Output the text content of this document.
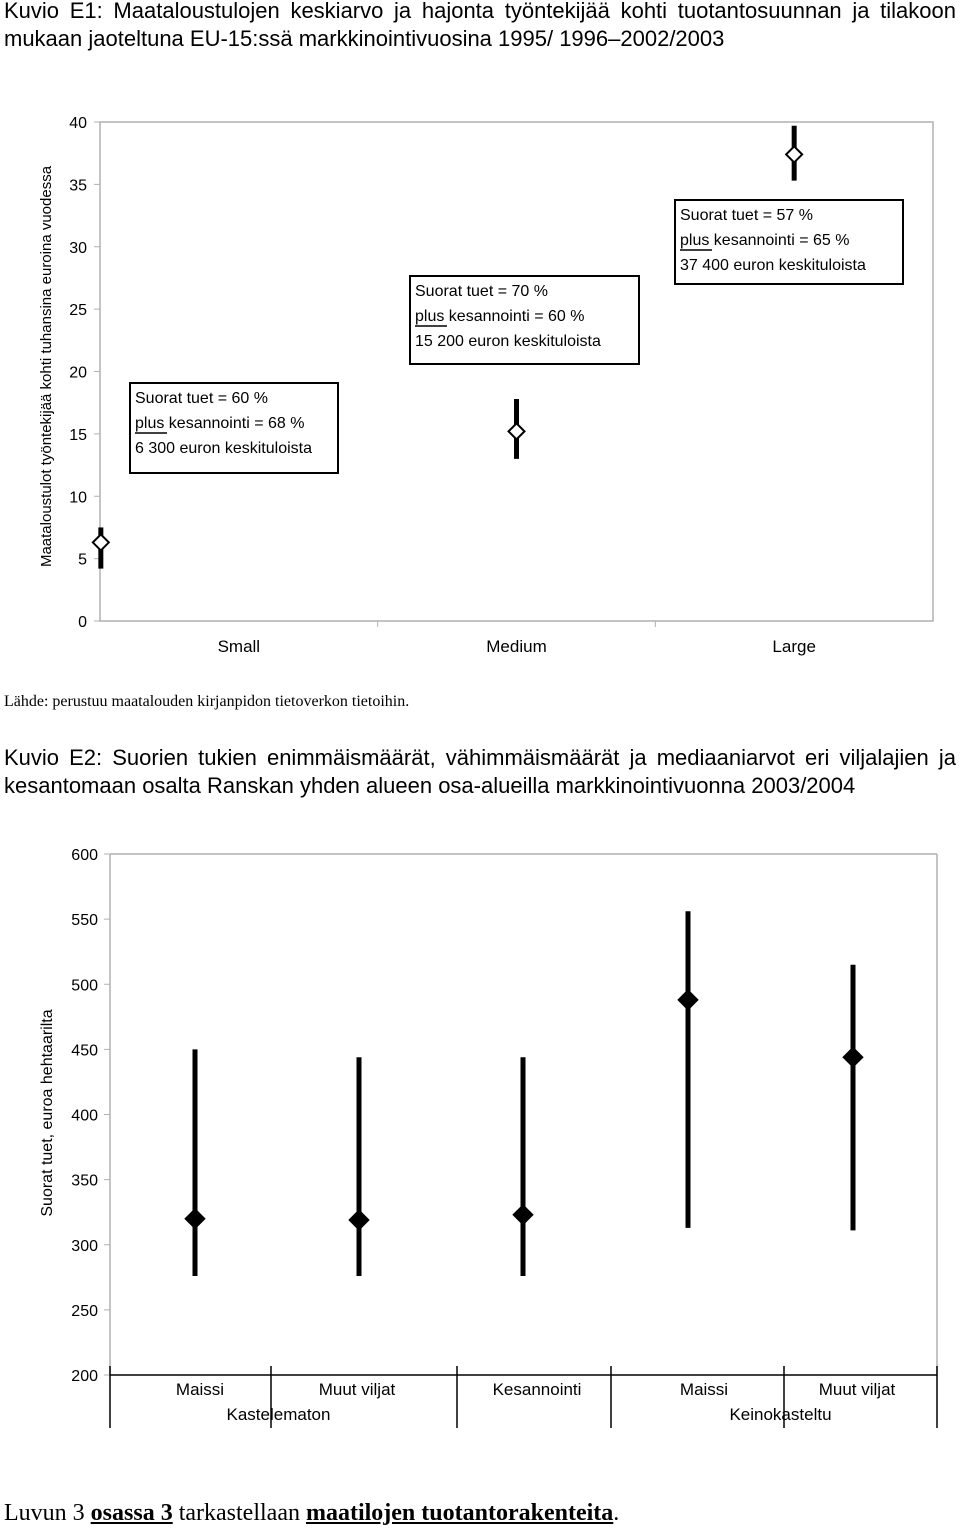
Kuvio E1: Maataloustulojen keskiarvo ja hajonta työntekijää kohti tuotantosuunnan ja tilakoon mukaan jaoteltuna EU-15:ssä markkinointivuosina 1995/ 1996–2002/2003

0
5
10
15
20
25
30
35
40
Small	Medium	Large
Maataloustulot työntekijää kohti tuhansina euroina vuodessa	Suorat tuet = 60 %
plus kesannointi = 68 %
6 300 euron keskituloista
Suorat tuet = 70 %
plus kesannointi = 60 %
15 200 euron keskituloista
Suorat tuet = 57 %
plus kesannointi = 65 %
37 400 euron keskituloista
Lähde: perustuu maatalouden kirjanpidon tietoverkon tietoihin.

Kuvio E2: Suorien tukien enimmäismäärät, vähimmäismäärät ja mediaaniarvot eri viljalajien ja kesantomaan osalta Ranskan yhden alueen osa-alueilla markkinointivuonna 2003/2004

200
250
300
350
400
450
500
550
600
Suorat tuet, euroa hehtaarilta
Maissi	Muut viljat	Kesannointi	Maissi	Muut viljat
Kastelematon	Keinokasteltu
Luvun 3 osassa 3 tarkastellaan maatilojen tuotantorakenteita.
